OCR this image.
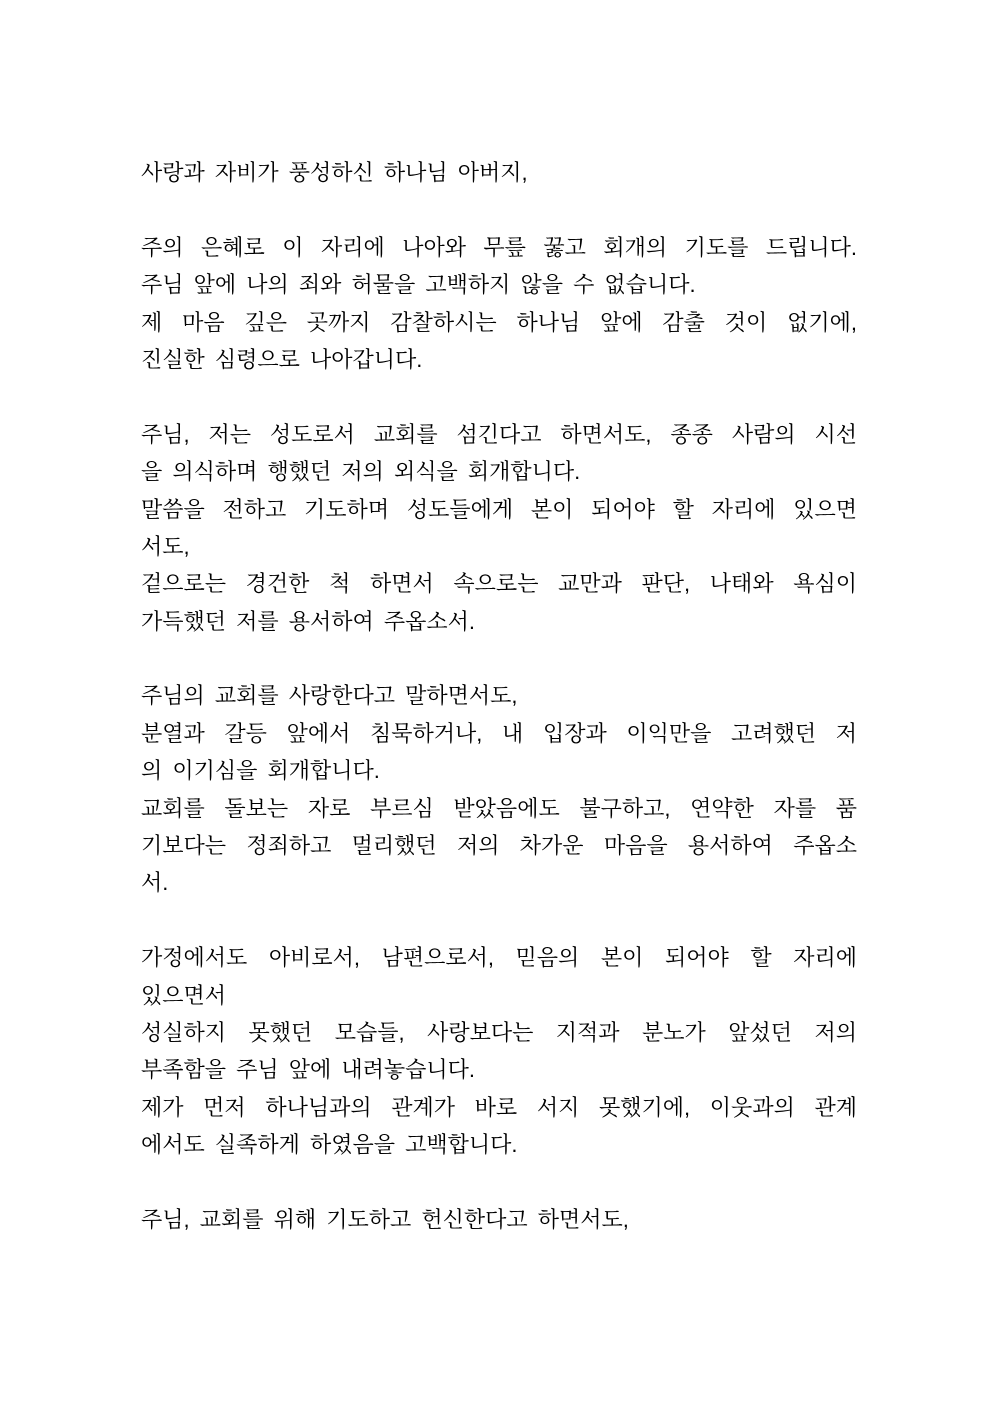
사랑과 자비가 풍성하신 하나님 아버지,
주의 은혜로 이 자리에 나아와 무릎 꿇고 회개의 기도를 드립니다.
주님 앞에 나의 죄와 허물을 고백하지 않을 수 없습니다.
제 마음 깊은 곳까지 감찰하시는 하나님 앞에 감출 것이 없기에,
진실한 심령으로 나아갑니다.
주님, 저는 성도로서 교회를 섬긴다고 하면서도, 종종 사람의 시선
을 의식하며 행했던 저의 외식을 회개합니다.
말씀을 전하고 기도하며 성도들에게 본이 되어야 할 자리에 있으면
서도,
겉으로는 경건한 척 하면서 속으로는 교만과 판단, 나태와 욕심이
가득했던 저를 용서하여 주옵소서.
주님의 교회를 사랑한다고 말하면서도,
분열과 갈등 앞에서 침묵하거나, 내 입장과 이익만을 고려했던 저
의 이기심을 회개합니다.
교회를 돌보는 자로 부르심 받았음에도 불구하고, 연약한 자를 품
기보다는 정죄하고 멀리했던 저의 차가운 마음을 용서하여 주옵소
서.
가정에서도 아비로서, 남편으로서, 믿음의 본이 되어야 할 자리에
있으면서
성실하지 못했던 모습들, 사랑보다는 지적과 분노가 앞섰던 저의
부족함을 주님 앞에 내려놓습니다.
제가 먼저 하나님과의 관계가 바로 서지 못했기에, 이웃과의 관계
에서도 실족하게 하였음을 고백합니다.
주님, 교회를 위해 기도하고 헌신한다고 하면서도,
